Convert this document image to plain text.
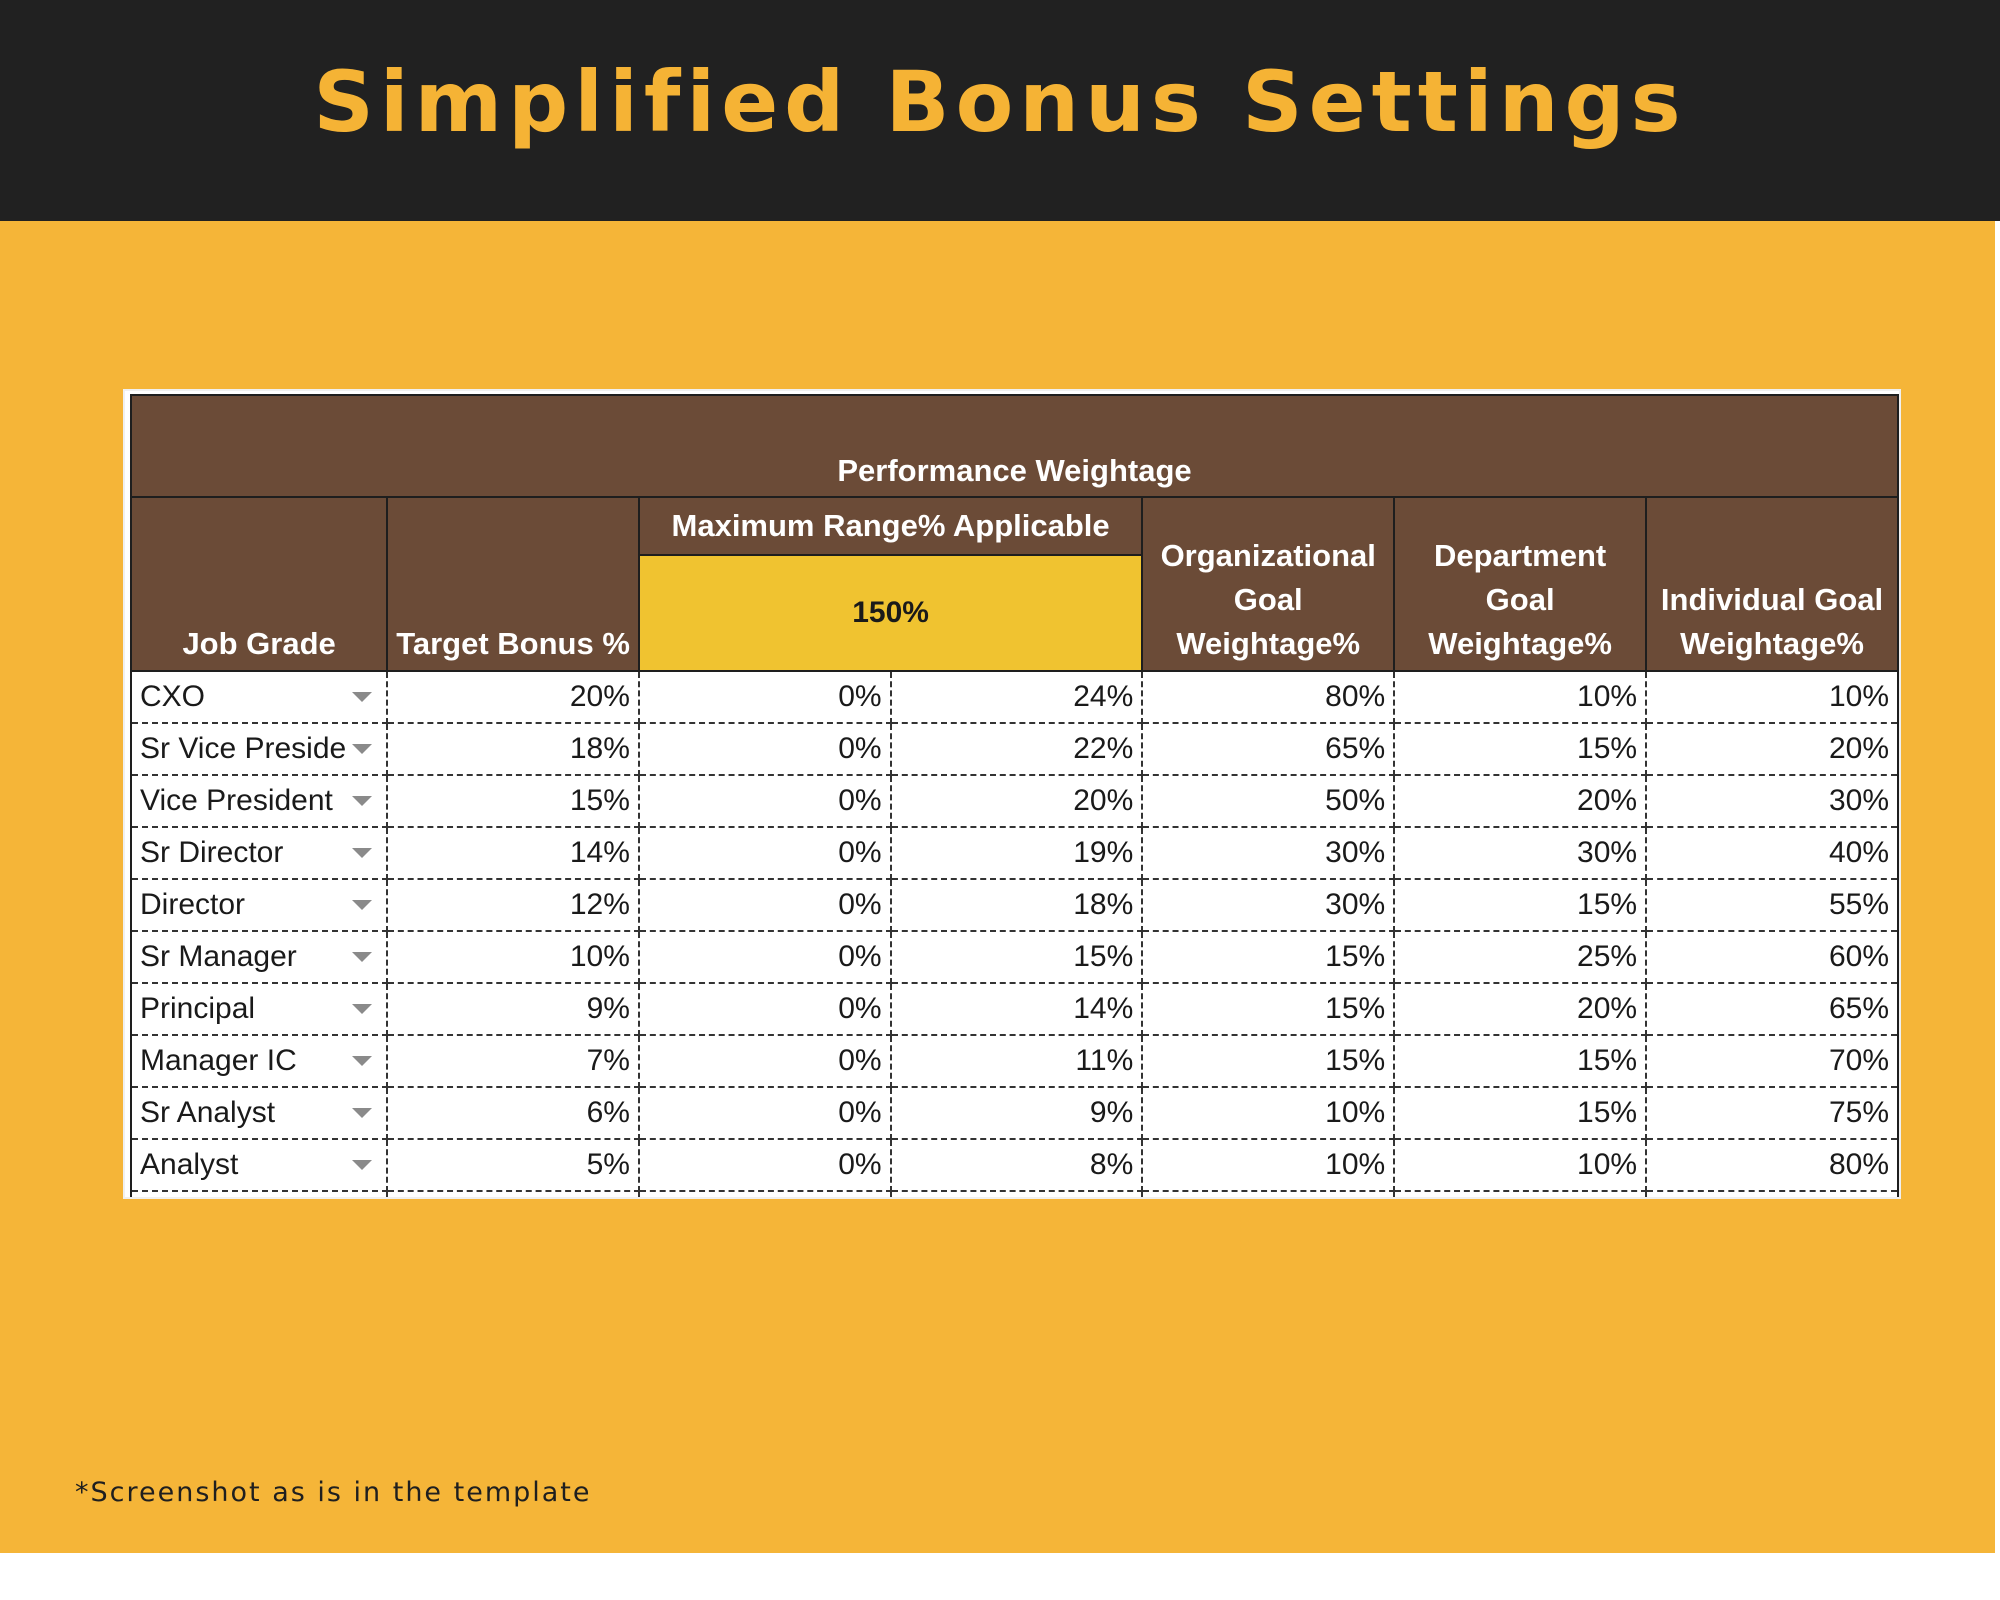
Simplified Bonus Settings
Performance Weightage						
Job Grade	Target Bonus %	Maximum Range% Applicable		Organizational Goal Weightage%	Department Goal Weightage%	Individual Goal Weightage%
		150%				

CXO	20%	0%	24%	80%	10%	10%

Sr Vice Preside	18%	0%	22%	65%	15%	20%

Vice President	15%	0%	20%	50%	20%	30%

Sr Director	14%	0%	19%	30%	30%	40%

Director	12%	0%	18%	30%	15%	55%

Sr Manager	10%	0%	15%	15%	25%	60%

Principal	9%	0%	14%	15%	20%	65%

Manager IC	7%	0%	11%	15%	15%	70%

Sr Analyst	6%	0%	9%	10%	15%	75%

Analyst	5%	0%	8%	10%	10%	80%

*Screenshot as is in the template
